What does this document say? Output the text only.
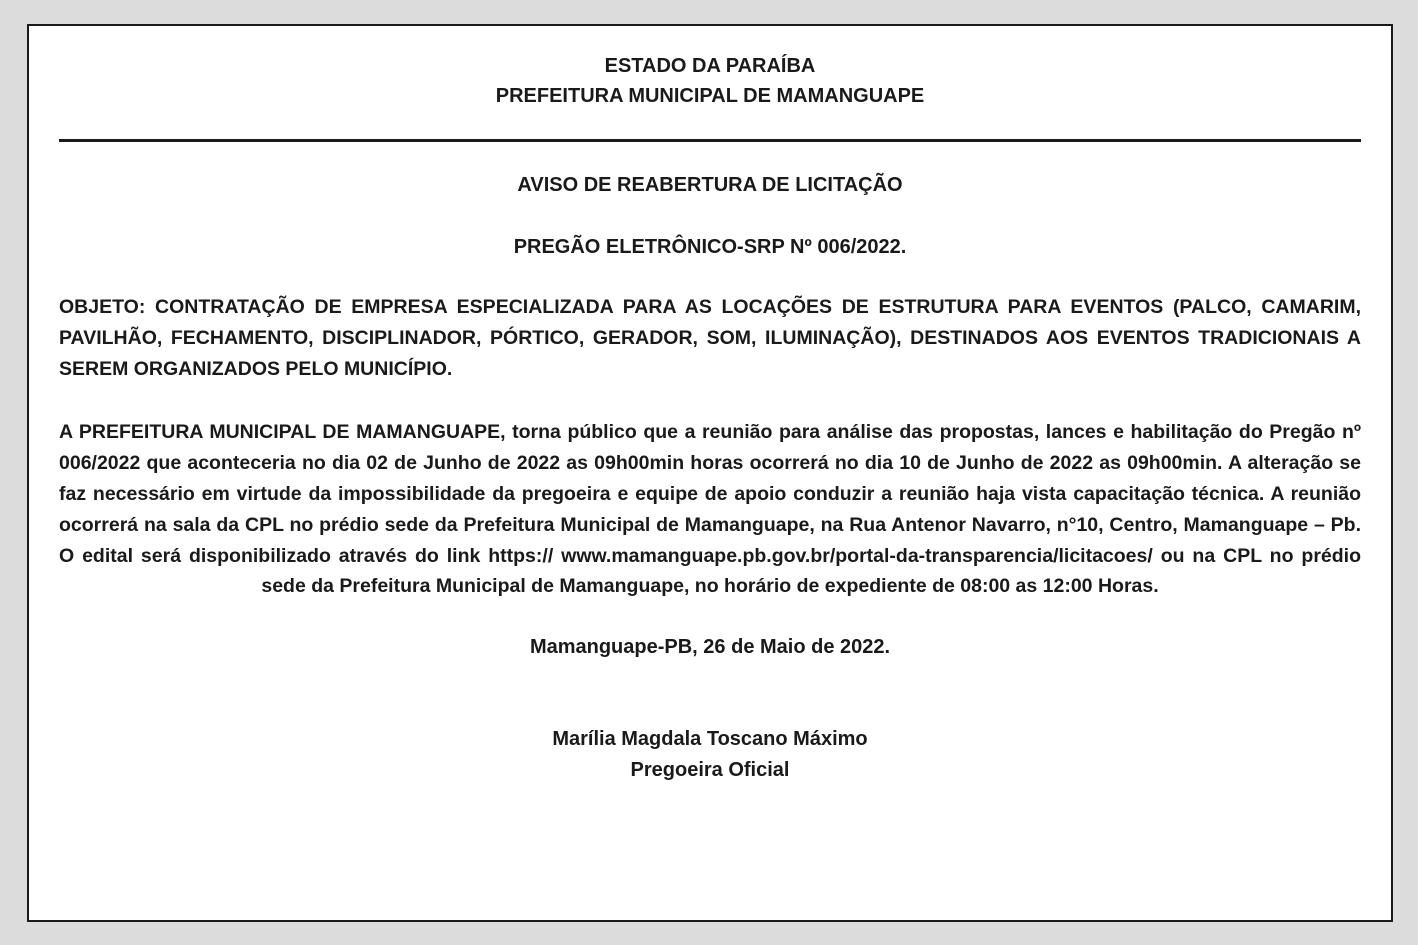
ESTADO DA PARAÍBA
PREFEITURA MUNICIPAL DE MAMANGUAPE
AVISO DE REABERTURA DE LICITAÇÃO
PREGÃO ELETRÔNICO-SRP Nº 006/2022.
OBJETO: CONTRATAÇÃO DE EMPRESA ESPECIALIZADA PARA AS LOCAÇÕES DE ESTRUTURA PARA EVENTOS (PALCO, CAMARIM, PAVILHÃO, FECHAMENTO, DISCIPLINADOR, PÓRTICO, GERADOR, SOM, ILUMINAÇÃO), DESTINADOS AOS EVENTOS TRADICIONAIS A SEREM ORGANIZADOS PELO MUNICÍPIO.
A PREFEITURA MUNICIPAL DE MAMANGUAPE, torna público que a reunião para análise das propostas, lances e habilitação do Pregão nº 006/2022 que aconteceria no dia 02 de Junho de 2022 as 09h00min horas ocorrerá no dia 10 de Junho de 2022 as 09h00min. A alteração se faz necessário em virtude da impossibilidade da pregoeira e equipe de apoio conduzir a reunião haja vista capacitação técnica. A reunião ocorrerá na sala da CPL no prédio sede da Prefeitura Municipal de Mamanguape, na Rua Antenor Navarro, n°10, Centro, Mamanguape – Pb. O edital será disponibilizado através do link https:// www.mamanguape.pb.gov.br/portal-da-transparencia/licitacoes/ ou na CPL no prédio sede da Prefeitura Municipal de Mamanguape, no horário de expediente de 08:00 as 12:00 Horas.
Mamanguape-PB, 26 de Maio de 2022.
Marília Magdala Toscano Máximo
Pregoeira Oficial
